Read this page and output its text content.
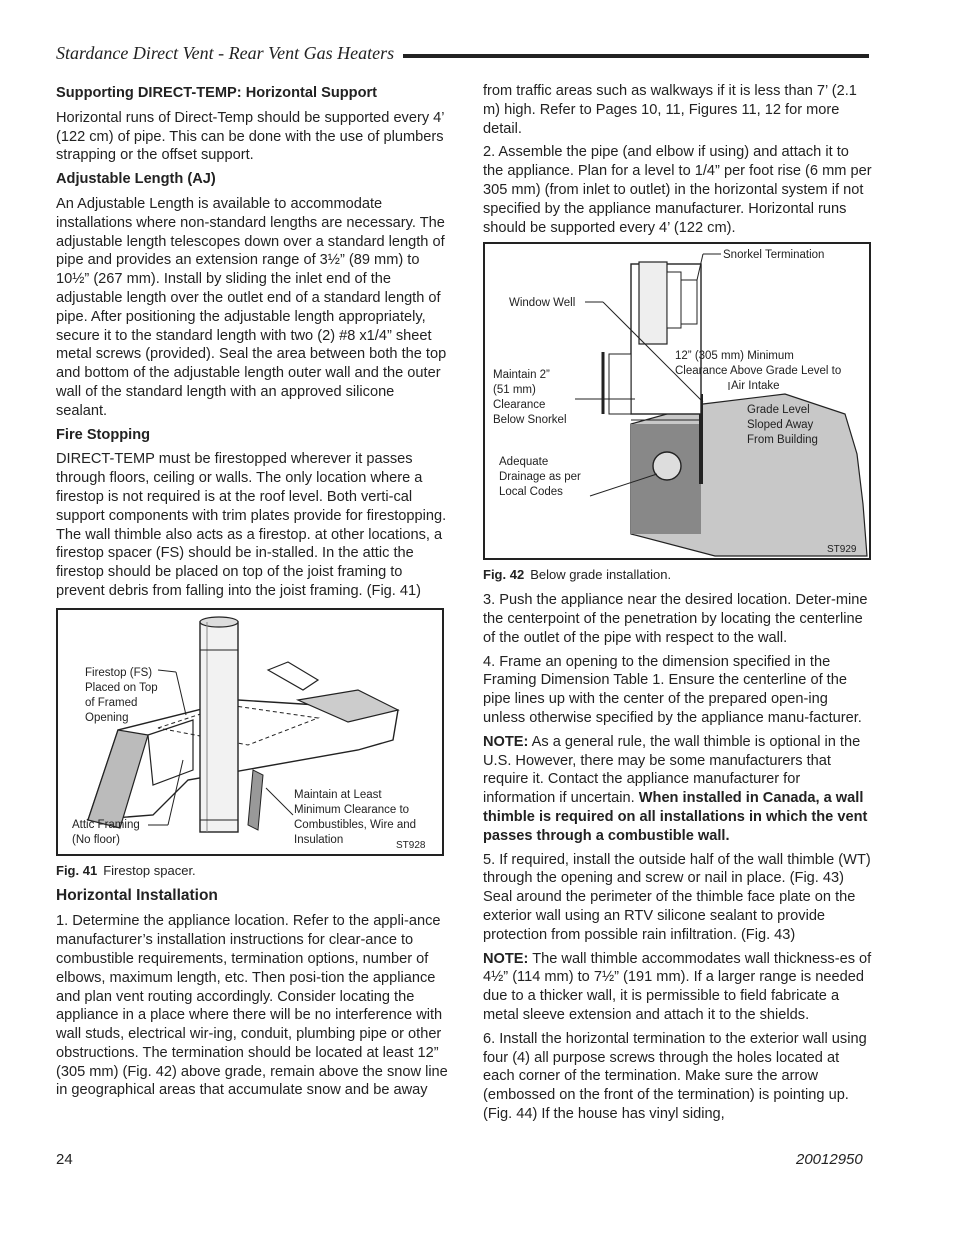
Stardance Direct Vent - Rear Vent Gas Heaters
Supporting DIRECT-TEMP: Horizontal Support

Horizontal runs of Direct-Temp should be supported every 4’ (122 cm) of pipe. This can be done with the use of plumbers strapping or the offset support.

Adjustable Length (AJ)

An Adjustable Length is available to accommodate installations where non-standard lengths are necessary. The adjustable length telescopes down over a standard length of pipe and provides an extension range of 3½” (89 mm) to 10½” (267 mm). Install by sliding the inlet end of the adjustable length over the outlet end of a standard length of pipe. After positioning the adjustable length appropriately, secure it to the standard length with two (2) #8 x1/4” sheet metal screws (provided). Seal the area between both the top and bottom of the adjustable length outer wall and the outer wall of the standard length with an approved silicone sealant.

Fire Stopping

DIRECT-TEMP must be firestopped wherever it passes through floors, ceiling or walls. The only location where a firestop is not required is at the roof level. Both verti-cal support components with trim plates provide for firestopping. The wall thimble also acts as a firestop. at other locations, a firestop spacer (FS) should be in-stalled. In the attic the firestop should be placed on top of the joist framing to prevent debris from falling into the joist framing. (Fig. 41)

Firestop (FS)
Placed on Top
of Framed
Opening
Attic Framing
(No floor)
Maintain at Least
Minimum Clearance to
Combustibles, Wire and
Insulation	ST928
Fig. 41 Firestop spacer.
Horizontal Installation

1. Determine the appliance location. Refer to the appli-ance manufacturer’s installation instructions for clear-ance to combustible requirements, termination options, number of elbows, maximum length, etc. Then posi-tion the appliance and plan vent routing accordingly. Consider locating the appliance in a place where there will be no interference with wall studs, electrical wir-ing, conduit, plumbing pipe or other obstructions. The termination should be located at least 12” (305 mm) (Fig. 42) above grade, remain above the snow line in geographical areas that accumulate snow and be away

from traffic areas such as walkways if it is less than 7’ (2.1 m) high. Refer to Pages 10, 11, Figures 11, 12 for more detail.

2. Assemble the pipe (and elbow if using) and attach it to the appliance. Plan for a level to 1/4” per foot rise (6 mm per 305 mm) (from inlet to outlet) in the horizontal system if not specified by the appliance manufacturer. Horizontal runs should be supported every 4’ (122 cm).

Snorkel Termination
Window Well
12” (305 mm) Minimum
Clearance Above Grade Level to
Air Intake
Maintain 2”
(51 mm)
Clearance
Below Snorkel
Grade Level
Sloped Away
From Building
Adequate
Drainage as per
Local Codes
ST929
Fig. 42 Below grade installation.

3. Push the appliance near the desired location. Deter-mine the centerpoint of the penetration by locating the centerline of the outlet of the pipe with respect to the wall.

4. Frame an opening to the dimension specified in the Framing Dimension Table 1. Ensure the centerline of the pipe lines up with the center of the prepared open-ing unless otherwise specified by the appliance manu-facturer.

NOTE: As a general rule, the wall thimble is optional in the U.S. However, there may be some manufacturers that require it. Contact the appliance manufacturer for information if uncertain. When installed in Canada, a wall thimble is required on all installations in which the vent passes through a combustible wall.

5. If required, install the outside half of the wall thimble (WT) through the opening and screw or nail in place. (Fig. 43) Seal around the perimeter of the thimble face plate on the exterior wall using an RTV silicone sealant to provide protection from possible rain infiltration. (Fig. 43)

NOTE: The wall thimble accommodates wall thickness-es of 4½” (114 mm) to 7½” (191 mm). If a larger range is needed due to a thicker wall, it is permissible to field fabricate a metal sleeve extension and attach it to the shields.

6. Install the horizontal termination to the exterior wall using four (4) all purpose screws through the holes located at each corner of the termination. Make sure the arrow (embossed on the front of the termination) is pointing up. (Fig. 44) If the house has vinyl siding,

24	20012950
